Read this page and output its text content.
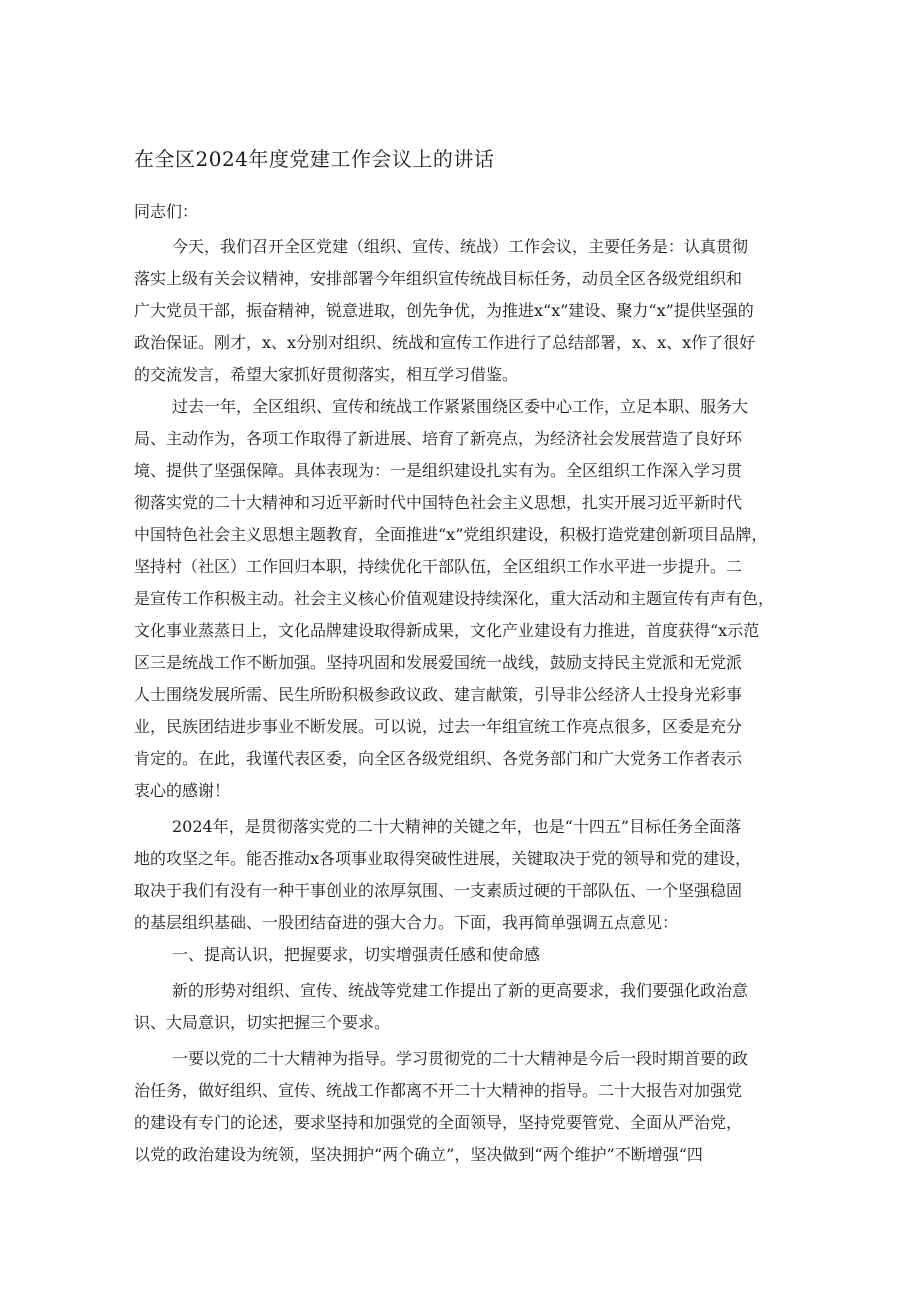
在全区2024年度党建工作会议上的讲话
同志们：
今天，我们召开全区党建（组织、宣传、统战）工作会议，主要任务是：认真贯彻
落实上级有关会议精神，安排部署今年组织宣传统战目标任务，动员全区各级党组织和
广大党员干部，振奋精神，锐意进取，创先争优，为推进x“x”建设、聚力“x”提供坚强的
政治保证。刚才，x、x分别对组织、统战和宣传工作进行了总结部署，x、x、x作了很好
的交流发言，希望大家抓好贯彻落实，相互学习借鉴。
过去一年，全区组织、宣传和统战工作紧紧围绕区委中心工作，立足本职、服务大
局、主动作为，各项工作取得了新进展、培育了新亮点，为经济社会发展营造了良好环
境、提供了坚强保障。具体表现为：一是组织建设扎实有为。全区组织工作深入学习贯
彻落实党的二十大精神和习近平新时代中国特色社会主义思想，扎实开展习近平新时代
中国特色社会主义思想主题教育，全面推进“x”党组织建设，积极打造党建创新项目品牌，
坚持村（社区）工作回归本职，持续优化干部队伍，全区组织工作水平进一步提升。二
是宣传工作积极主动。社会主义核心价值观建设持续深化，重大活动和主题宣传有声有色，
文化事业蒸蒸日上，文化品牌建设取得新成果，文化产业建设有力推进，首度获得“x示范
区三是统战工作不断加强。坚持巩固和发展爱国统一战线，鼓励支持民主党派和无党派
人士围绕发展所需、民生所盼积极参政议政、建言献策，引导非公经济人士投身光彩事
业，民族团结进步事业不断发展。可以说，过去一年组宣统工作亮点很多，区委是充分
肯定的。在此，我谨代表区委，向全区各级党组织、各党务部门和广大党务工作者表示
衷心的感谢！
2024年，是贯彻落实党的二十大精神的关键之年，也是“十四五”目标任务全面落
地的攻坚之年。能否推动x各项事业取得突破性进展，关键取决于党的领导和党的建设，
取决于我们有没有一种干事创业的浓厚氛围、一支素质过硬的干部队伍、一个坚强稳固
的基层组织基础、一股团结奋进的强大合力。下面，我再简单强调五点意见：
一、提高认识，把握要求，切实增强责任感和使命感
新的形势对组织、宣传、统战等党建工作提出了新的更高要求，我们要强化政治意
识、大局意识，切实把握三个要求。
一要以党的二十大精神为指导。学习贯彻党的二十大精神是今后一段时期首要的政
治任务，做好组织、宣传、统战工作都离不开二十大精神的指导。二十大报告对加强党
的建设有专门的论述，要求坚持和加强党的全面领导，坚持党要管党、全面从严治党，
以党的政治建设为统领，坚决拥护“两个确立”，坚决做到“两个维护”不断增强“四
